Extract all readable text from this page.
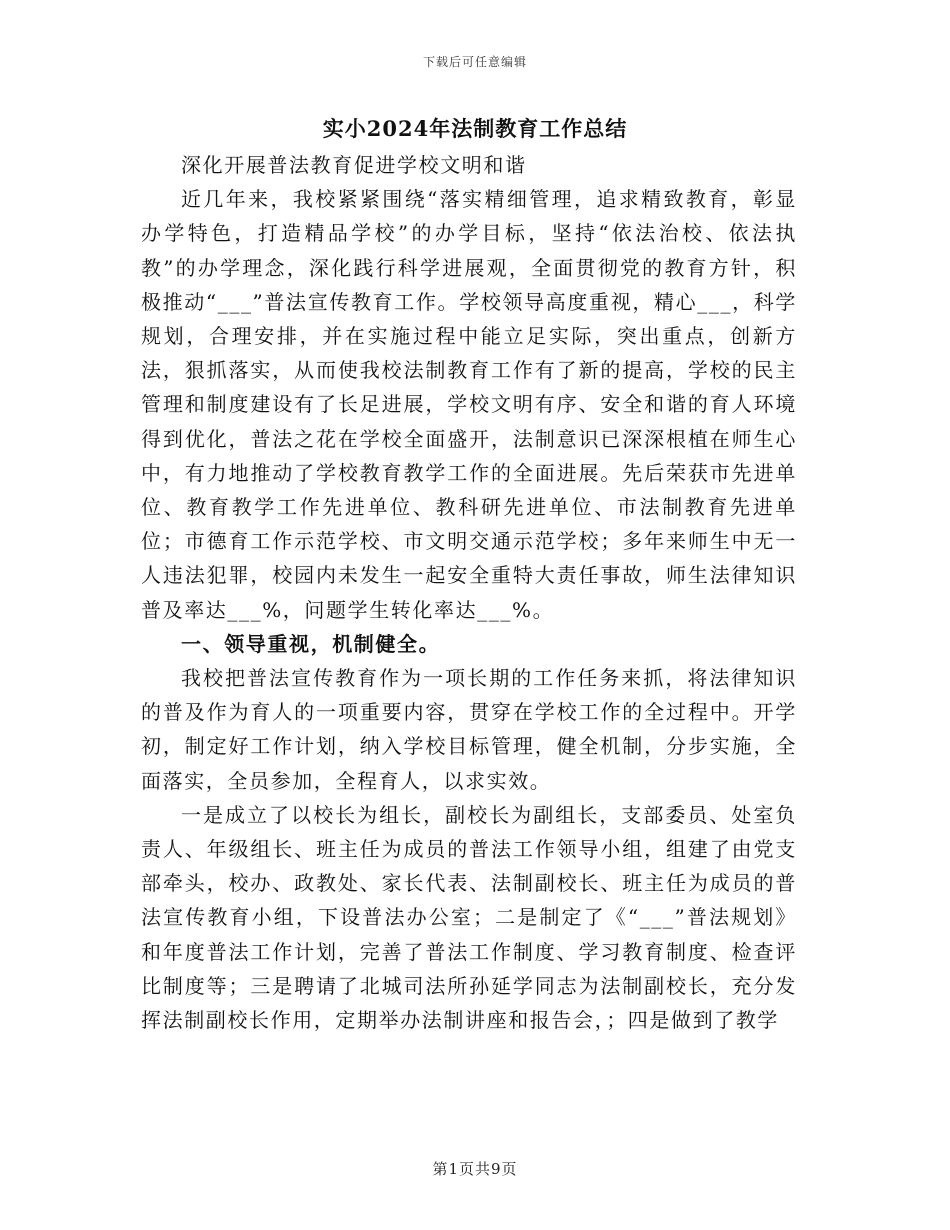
下载后可任意编辑
实小2024年法制教育工作总结

深化开展普法教育促进学校文明和谐

近几年来，我校紧紧围绕“落实精细管理，追求精致教育，彰显办学特色，打造精品学校”的办学目标，坚持“依法治校、依法执教”的办学理念，深化践行科学进展观，全面贯彻党的教育方针，积极推动“___”普法宣传教育工作。学校领导高度重视，精心___，科学规划，合理安排，并在实施过程中能立足实际，突出重点，创新方法，狠抓落实，从而使我校法制教育工作有了新的提高，学校的民主管理和制度建设有了长足进展，学校文明有序、安全和谐的育人环境得到优化，普法之花在学校全面盛开，法制意识已深深根植在师生心中，有力地推动了学校教育教学工作的全面进展。先后荣获市先进单位、教育教学工作先进单位、教科研先进单位、市法制教育先进单位；市德育工作示范学校、市文明交通示范学校；多年来师生中无一人违法犯罪，校园内未发生一起安全重特大责任事故，师生法律知识普及率达___%，问题学生转化率达___%。

一、领导重视，机制健全。

我校把普法宣传教育作为一项长期的工作任务来抓，将法律知识的普及作为育人的一项重要内容，贯穿在学校工作的全过程中。开学初，制定好工作计划，纳入学校目标管理，健全机制，分步实施，全面落实，全员参加，全程育人，以求实效。

一是成立了以校长为组长，副校长为副组长，支部委员、处室负责人、年级组长、班主任为成员的普法工作领导小组，组建了由党支部牵头，校办、政教处、家长代表、法制副校长、班主任为成员的普法宣传教育小组，下设普法办公室；二是制定了《“___”普法规划》和年度普法工作计划，完善了普法工作制度、学习教育制度、检查评比制度等；三是聘请了北城司法所孙延学同志为法制副校长，充分发挥法制副校长作用，定期举办法制讲座和报告会，；四是做到了教学

第1页共9页
